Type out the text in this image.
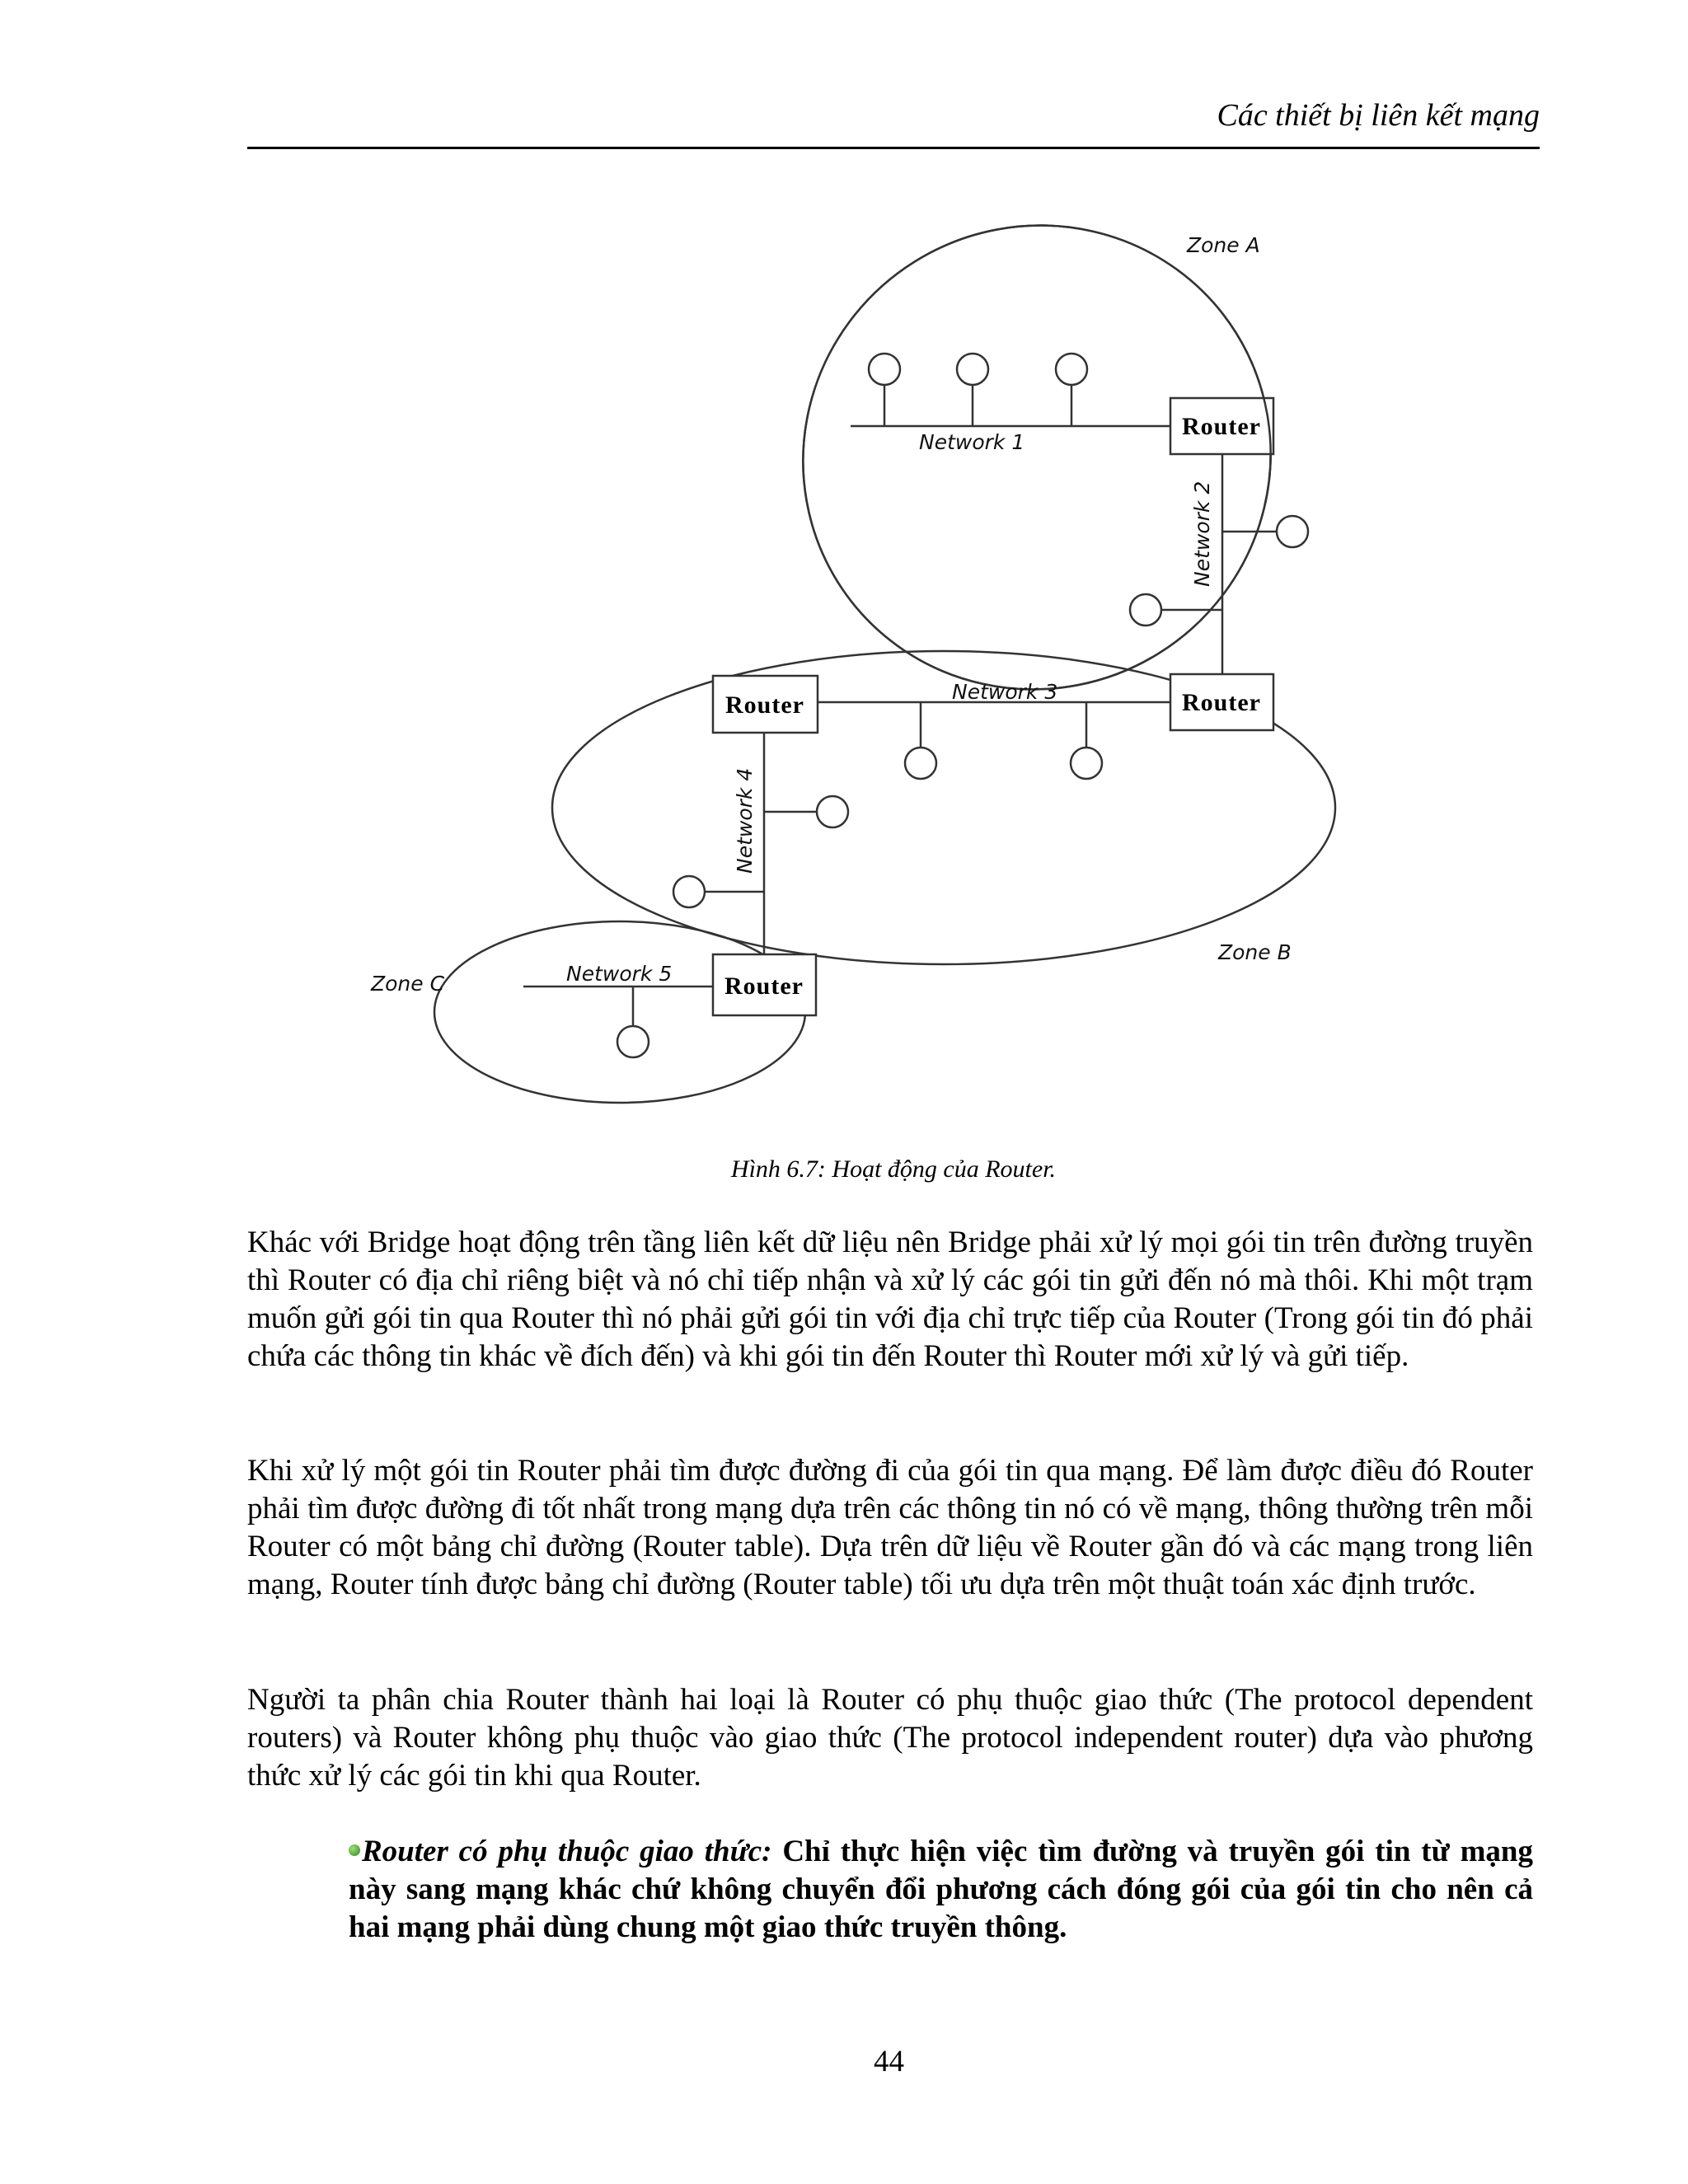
Các thiết bị liên kết mạng
Router
Router
Router
Router
Zone A
Zone B
Zone C
Network 1
Network 2
Network 3
Network 4
Network 5
Hình 6.7: Hoạt động của Router.
Khác với Bridge hoạt động trên tầng liên kết dữ liệu nên Bridge phải xử lý mọi gói tin trên đường truyền thì Router có địa chỉ riêng biệt và nó chỉ tiếp nhận và xử lý các gói tin gửi đến nó mà thôi. Khi một trạm muốn gửi gói tin qua Router thì nó phải gửi gói tin với địa chỉ trực tiếp của Router (Trong gói tin đó phải chứa các thông tin khác về đích đến) và khi gói tin đến Router thì Router mới xử lý và gửi tiếp.
Khi xử lý một gói tin Router phải tìm được đường đi của gói tin qua mạng. Để làm được điều đó Router phải tìm được đường đi tốt nhất trong mạng dựa trên các thông tin nó có về mạng, thông thường trên mỗi Router có một bảng chỉ đường (Router table). Dựa trên dữ liệu về Router gần đó và các mạng trong liên mạng, Router tính được bảng chỉ đường (Router table) tối ưu dựa trên một thuật toán xác định trước.
Người ta phân chia Router thành hai loại là Router có phụ thuộc giao thức (The protocol dependent routers) và Router không phụ thuộc vào giao thức (The protocol independent router) dựa vào phương thức xử lý các gói tin khi qua Router.
Router có phụ thuộc giao thức: Chỉ thực hiện việc tìm đường và truyền gói tin từ mạng này sang mạng khác chứ không chuyển đổi phương cách đóng gói của gói tin cho nên cả hai mạng phải dùng chung một giao thức truyền thông.
44
